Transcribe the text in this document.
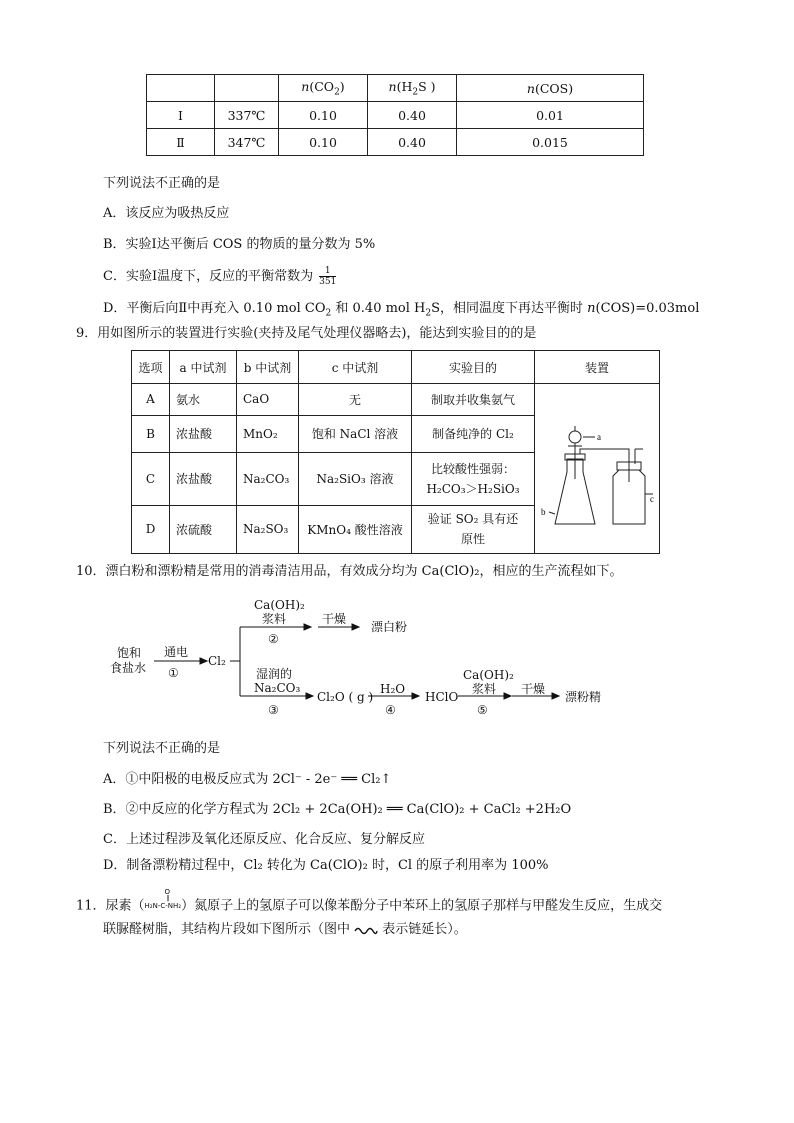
		$n(CO_2)$	$n(H_2S$ )	n(COS)
Ⅰ	337℃	0.10	0.40	0.01
Ⅱ	347℃	0.10	0.40	0.015
下列说法不正确的是
A．该反应为吸热反应
B．实验Ⅰ达平衡后 COS 的物质的量分数为 5%
C．实验Ⅰ温度下，反应的平衡常数为 $\frac{1}{351}$
D．平衡后向Ⅱ中再充入 0.10 mol $CO_2$ 和 0.40 mol $H_2S$，相同温度下再达平衡时 n(COS)=0.03mol
9．用如图所示的装置进行实验(夹持及尾气处理仪器略去)，能达到实验目的的是
选项	a 中试剂	b 中试剂	c 中试剂	实验目的	装置
A	氨水	CaO	无	制取并收集氨气	a
b
c

B	浓盐酸	MnO₂	饱和 NaCl 溶液	制备纯净的 Cl₂	
C	浓盐酸	Na₂CO₃	Na₂SiO₃ 溶液	比较酸性强弱：H₂CO₃＞H₂SiO₃	
D	浓硫酸	Na₂SO₃	KMnO₄ 酸性溶液	验证 SO₂ 具有还原性	
10．漂白粉和漂粉精是常用的消毒清洁用品，有效成分均为 Ca(ClO)₂，相应的生产流程如下。
饱和
食盐水
通电
①
Cl₂
Ca(OH)₂
浆料
②
干燥
漂白粉
湿润的
Na₂CO₃
③
Cl₂O ( g )
H₂O
④
HClO
Ca(OH)₂
浆料
⑤
干燥
漂粉精
下列说法不正确的是
A．①中阳极的电极反应式为 2Cl⁻ - 2e⁻ ══ Cl₂↑
B．②中反应的化学方程式为 2Cl₂ + 2Ca(OH)₂ ══ Ca(ClO)₂ + CaCl₂ +2H₂O
C．上述过程涉及氧化还原反应、化合反应、复分解反应
D．制备漂粉精过程中，Cl₂ 转化为 Ca(ClO)₂ 时，Cl 的原子利用率为 100%
11．尿素（
O
‖
H₂N-C-NH₂）氮原子上的氢原子可以像苯酚分子中苯环上的氢原子那样与甲醛发生反应，生成交
联脲醛树脂，其结构片段如下图所示（图中 表示链延长）。
